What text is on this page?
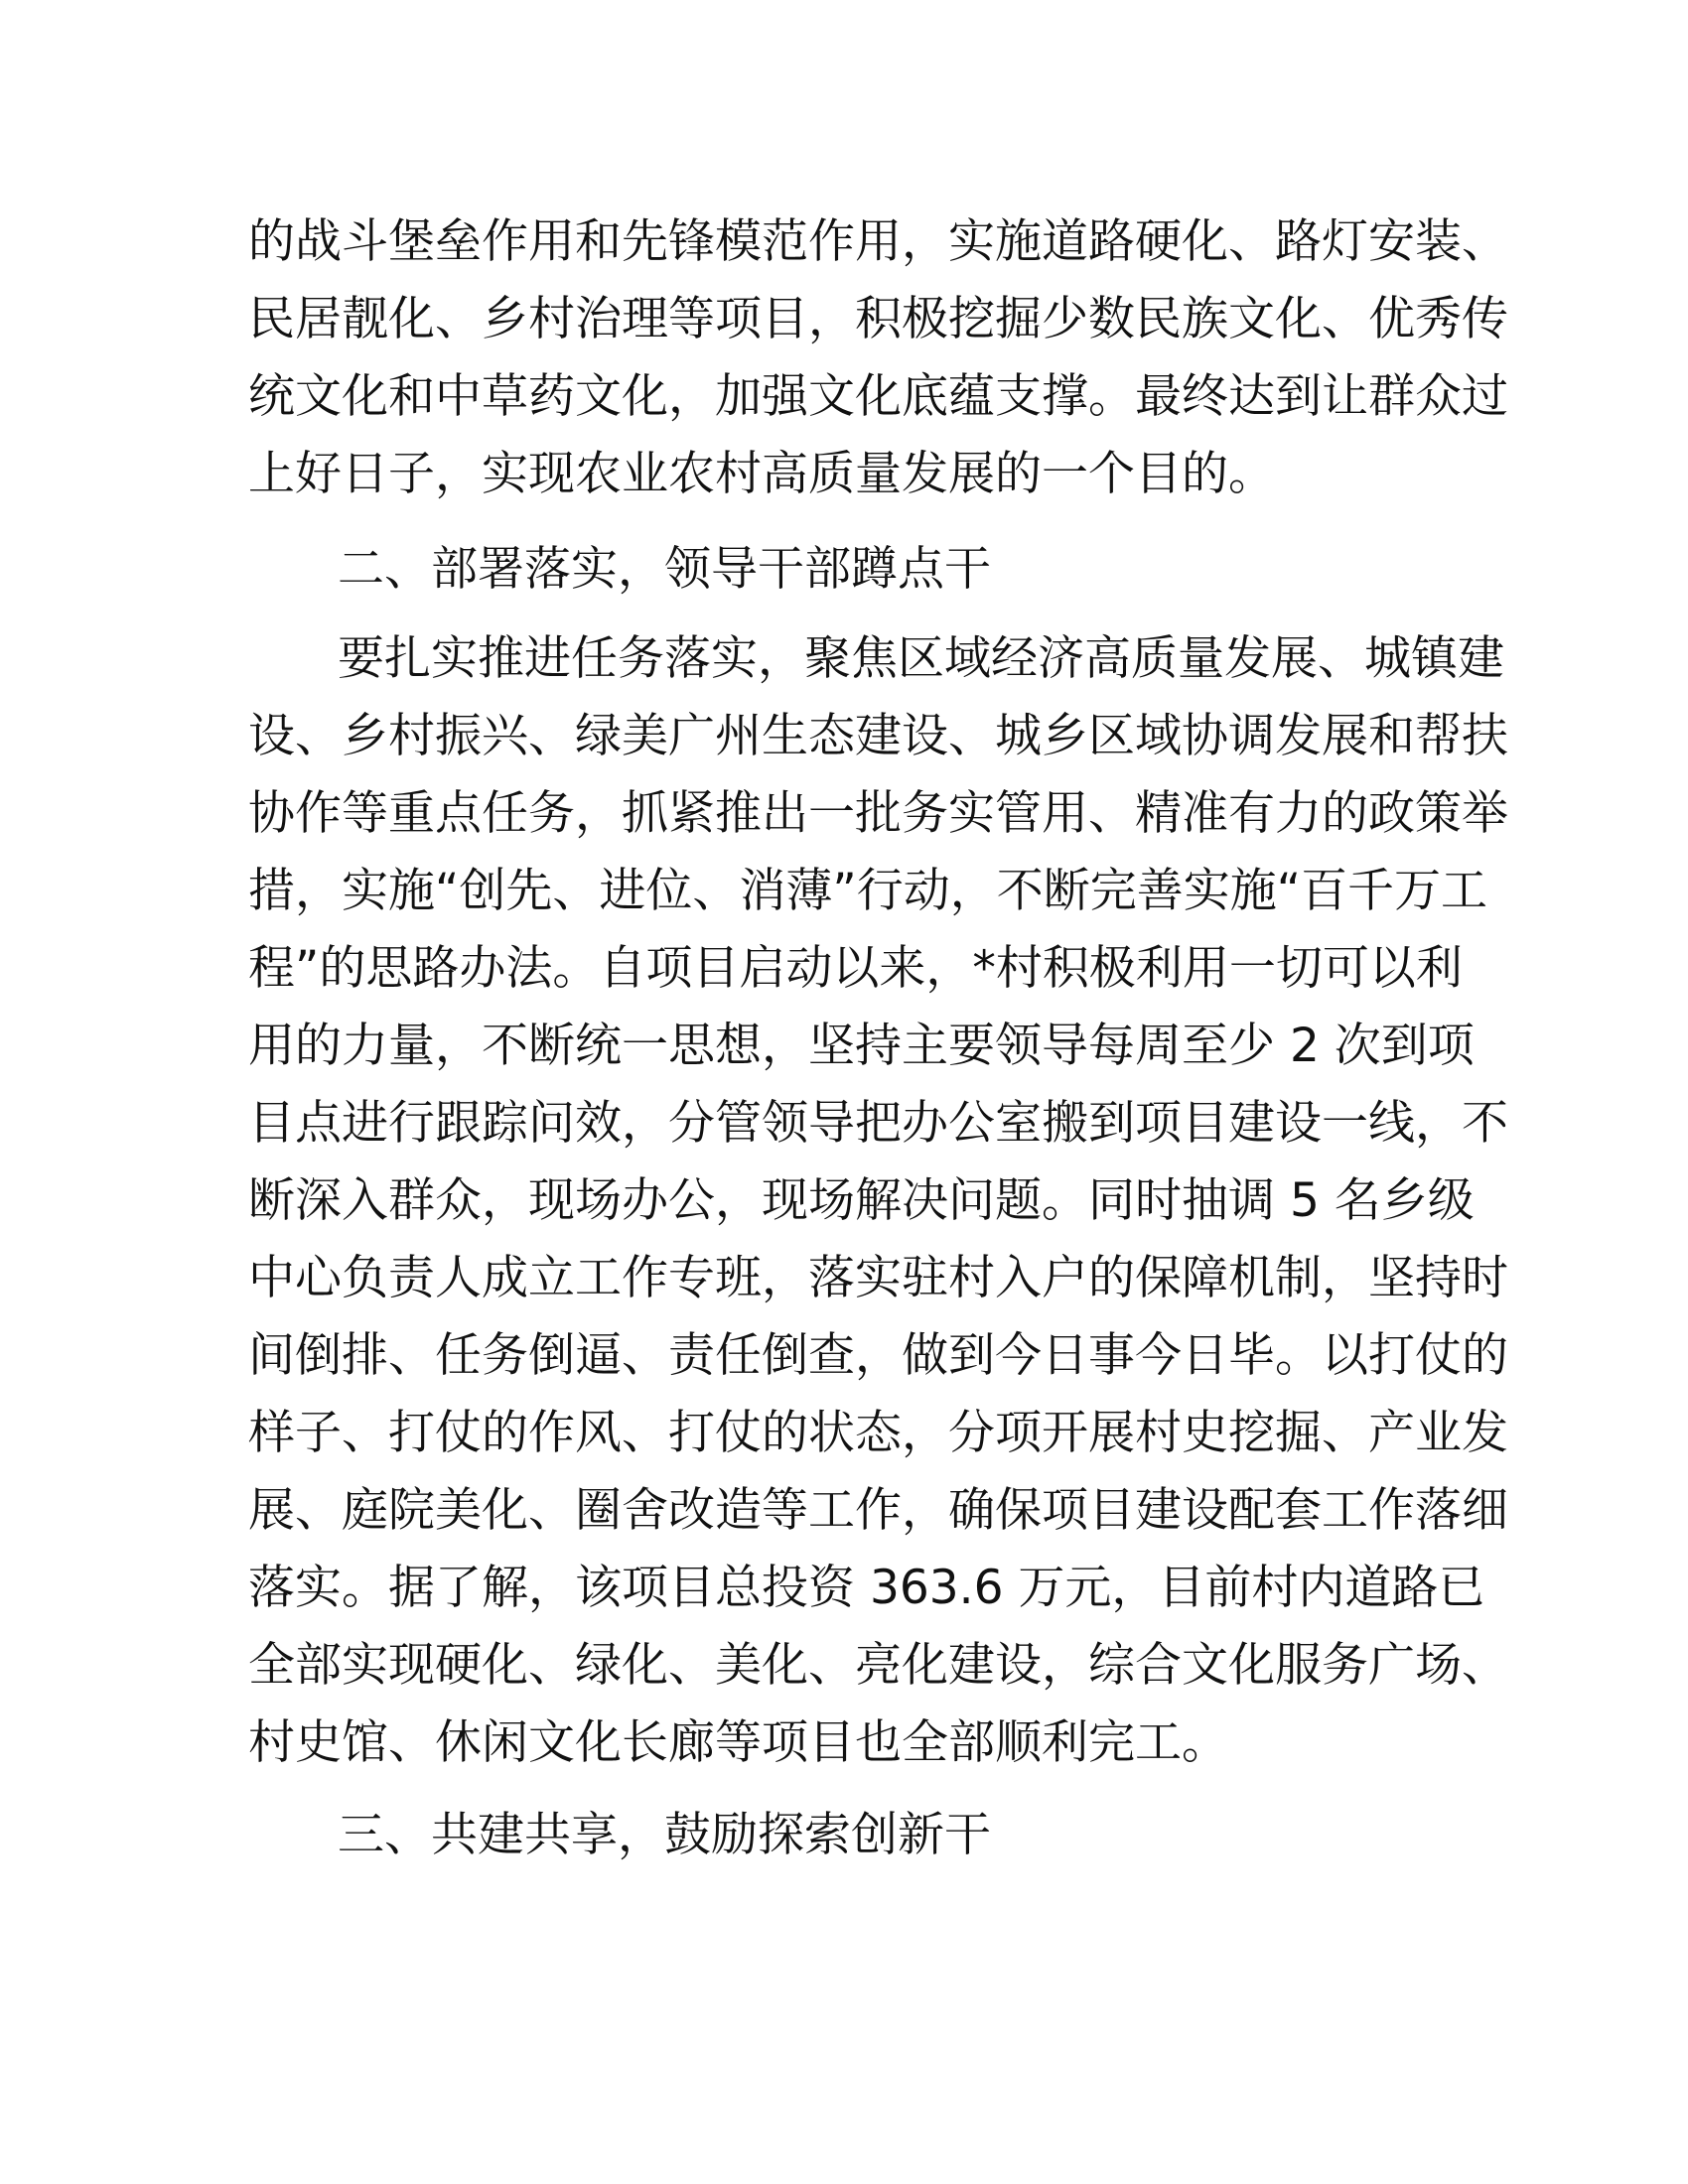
的战斗堡垒作用和先锋模范作用，实施道路硬化、路灯安装、
民居靓化、乡村治理等项目，积极挖掘少数民族文化、优秀传
统文化和中草药文化，加强文化底蕴支撑。最终达到让群众过
上好日子，实现农业农村高质量发展的一个目的。
二、部署落实，领导干部蹲点干
要扎实推进任务落实，聚焦区域经济高质量发展、城镇建
设、乡村振兴、绿美广州生态建设、城乡区域协调发展和帮扶
协作等重点任务，抓紧推出一批务实管用、精准有力的政策举
措，实施“创先、进位、消薄”行动，不断完善实施“百千万工
程”的思路办法。自项目启动以来，*村积极利用一切可以利
用的力量，不断统一思想，坚持主要领导每周至少 2 次到项
目点进行跟踪问效，分管领导把办公室搬到项目建设一线，不
断深入群众，现场办公，现场解决问题。同时抽调 5 名乡级
中心负责人成立工作专班，落实驻村入户的保障机制，坚持时
间倒排、任务倒逼、责任倒查，做到今日事今日毕。以打仗的
样子、打仗的作风、打仗的状态，分项开展村史挖掘、产业发
展、庭院美化、圈舍改造等工作，确保项目建设配套工作落细
落实。据了解，该项目总投资 363.6 万元，目前村内道路已
全部实现硬化、绿化、美化、亮化建设，综合文化服务广场、
村史馆、休闲文化长廊等项目也全部顺利完工。
三、共建共享，鼓励探索创新干
